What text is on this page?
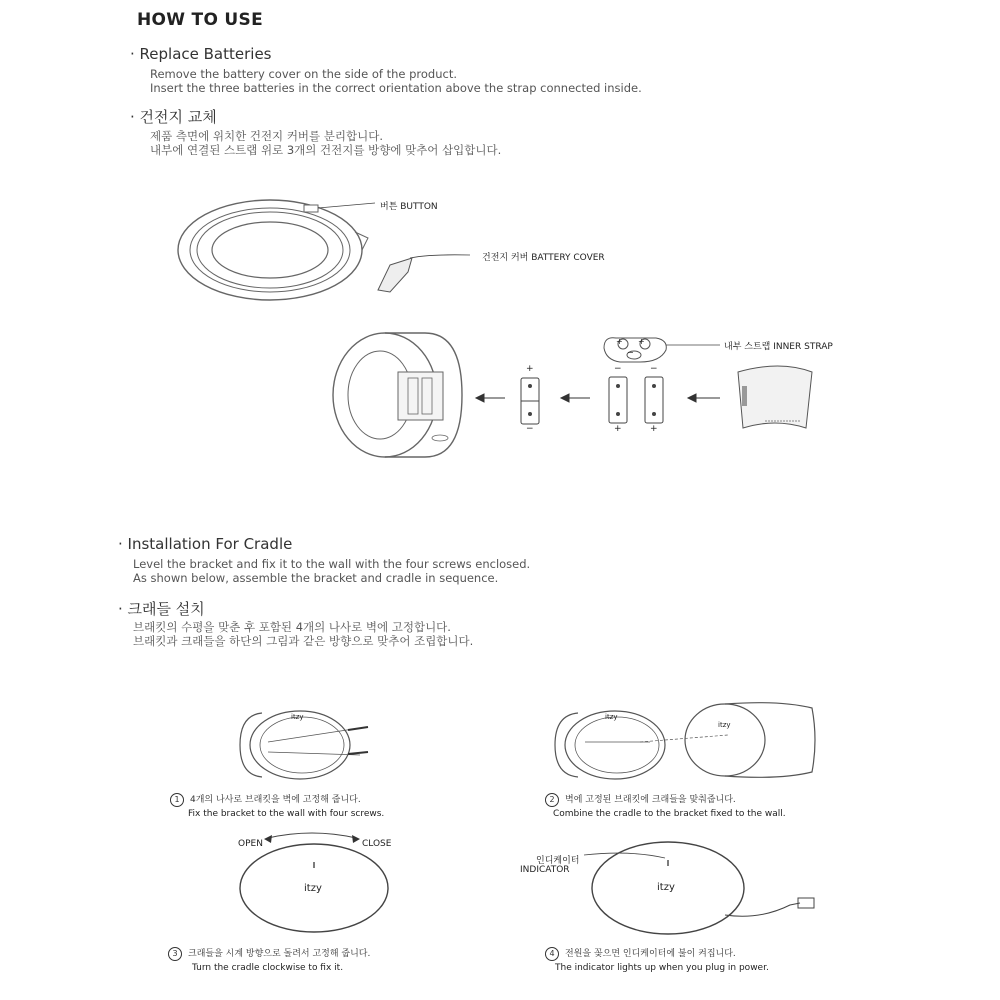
HOW TO USE
· Replace Batteries
Remove the battery cover on the side of the product.
Insert the three batteries in the correct orientation above the strap connected inside.
· 건전지 교체
제품 측면에 위치한 건전지 커버를 분리합니다.
내부에 연결된 스트랩 위로 3개의 건전지를 방향에 맞추어 삽입합니다.
버튼 BUTTON
건전지 커버 BATTERY COVER
내부 스트랩 INNER STRAP
+
−
−
+
−
+
+ +
−
· Installation For Cradle
Level the bracket and fix it to the wall with the four screws enclosed.
As shown below, assemble the bracket and cradle in sequence.
· 크래들 설치
브래킷의 수평을 맞춘 후 포함된 4개의 나사로 벽에 고정합니다.
브래킷과 크래들을 하단의 그림과 같은 방향으로 맞추어 조립합니다.
itzy	itzy
itzy
OPEN	CLOSE
itzy
인디케이터
INDICATOR
itzy
1 4개의 나사로 브래킷을 벽에 고정해 줍니다.
Fix the bracket to the wall with four screws.
2 벽에 고정된 브래킷에 크래들을 맞춰줍니다.
Combine the cradle to the bracket fixed to the wall.
3 크래들을 시계 방향으로 돌려서 고정해 줍니다.
Turn the cradle clockwise to fix it.
4 전원을 꽂으면 인디케이터에 불이 켜집니다.
The indicator lights up when you plug in power.
